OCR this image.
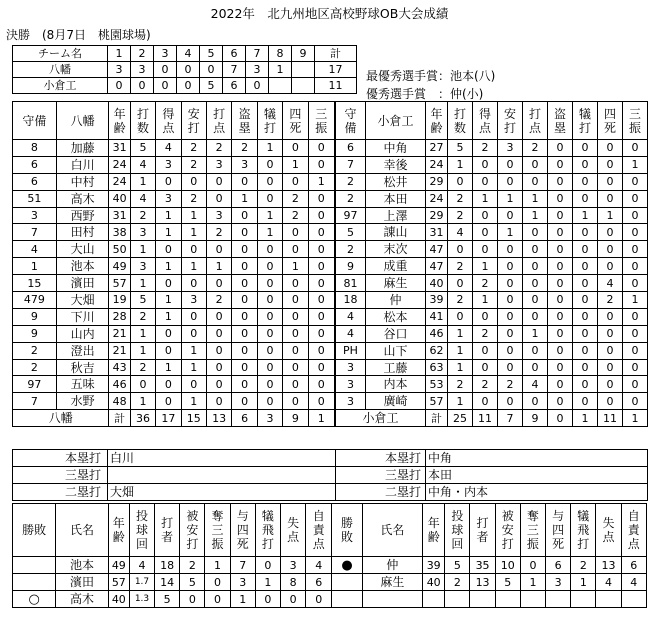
2022年　北九州地区高校野球OB大会成績
決勝　(8月7日　桃園球場)
最優秀選手賞：池本(八)
優秀選手賞　：仲(小)
チーム名	1	2	3	4	5	6	7	8	9	計
八幡	3	3	0	0	0	7	3	1		17
小倉工	0	0	0	0	5	6	0			11
守備	八幡	年齢	打数	得点	安打	打点	盗塁	犠打	四死	三振
8	加藤	31	5	4	2	2	2	1	0	0
6	白川	24	4	3	2	3	3	0	1	0
6	中村	24	1	0	0	0	0	0	0	1
51	高木	40	4	3	2	0	1	0	2	0
3	西野	31	2	1	1	3	0	1	2	0
7	田村	38	3	1	1	2	0	1	0	0
4	大山	50	1	0	0	0	0	0	0	0
1	池本	49	3	1	1	1	0	0	1	0
15	濱田	57	1	0	0	0	0	0	0	0
479	大畑	19	5	1	3	2	0	0	0	0
9	下川	28	2	1	0	0	0	0	0	0
9	山内	21	1	0	0	0	0	0	0	0
2	澄出	21	1	0	1	0	0	0	0	0
2	秋吉	43	2	1	1	0	0	0	0	0
97	五味	46	0	0	0	0	0	0	0	0
7	水野	48	1	0	1	0	0	0	0	0
八幡		計	36	17	15	13	6	3	9	1
守備	小倉工	年齢	打数	得点	安打	打点	盗塁	犠打	四死	三振
6	中角	27	5	2	3	2	0	0	0	0
7	幸後	24	1	0	0	0	0	0	0	1
2	松井	29	0	0	0	0	0	0	0	0
2	本田	24	2	1	1	1	0	0	0	0
97	上澤	29	2	0	0	1	0	1	1	0
5	諌山	31	4	0	1	0	0	0	0	0
2	末次	47	0	0	0	0	0	0	0	0
9	成重	47	2	1	0	0	0	0	0	0
81	麻生	40	0	2	0	0	0	0	4	0
18	仲	39	2	1	0	0	0	0	2	1
4	松本	41	0	0	0	0	0	0	0	0
4	谷口	46	1	2	0	1	0	0	0	0
PH	山下	62	1	0	0	0	0	0	0	0
3	工藤	63	1	0	0	0	0	0	0	0
3	内本	53	2	2	2	4	0	0	0	0
3	廣崎	57	1	0	0	0	0	0	0	0
小倉工		計	25	11	7	9	0	1	11	1
本塁打	白川	本塁打	中角
三塁打		三塁打	本田
二塁打	大畑	二塁打	中角・内本
勝敗	氏名	年齢	投球回	打者	被安打	奪三振	与四死	犠飛打	失点	自責点	勝敗	氏名	年齢	投球回	打者	被安打	奪三振	与四死	犠飛打	失点	自責点
	池本	49	4	18	2	1	7	0	3	4	●	仲	39	5	35	10	0	6	2	13	6
	濱田	57	1.7	14	5	0	3	1	8	6		麻生	40	2	13	5	1	3	1	4	4
○	高木	40	1.3	5	0	0	1	0	0	0											
